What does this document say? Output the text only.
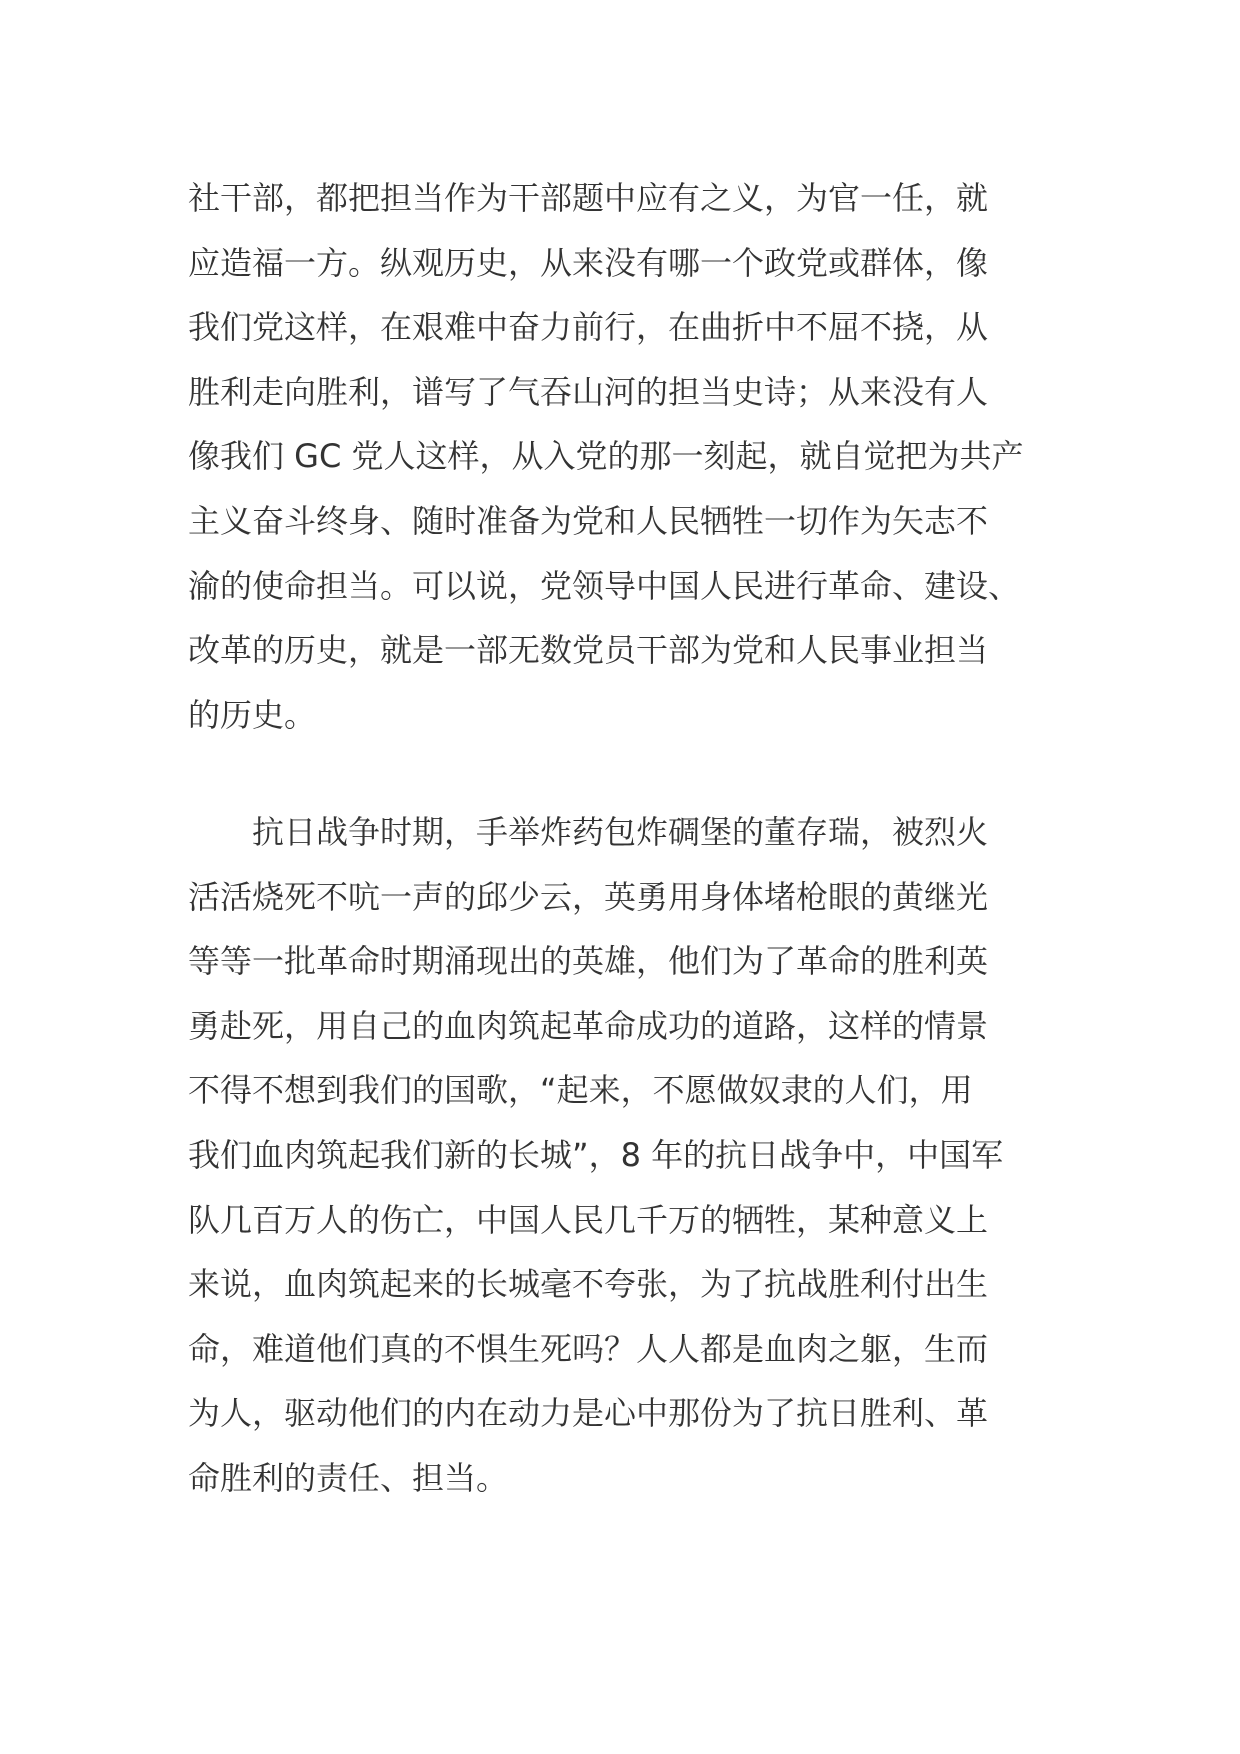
社干部，都把担当作为干部题中应有之义，为官一任，就
应造福一方。纵观历史，从来没有哪一个政党或群体，像
我们党这样，在艰难中奋力前行，在曲折中不屈不挠，从
胜利走向胜利，谱写了气吞山河的担当史诗；从来没有人
像我们 GC 党人这样，从入党的那一刻起，就自觉把为共产
主义奋斗终身、随时准备为党和人民牺牲一切作为矢志不
渝的使命担当。可以说，党领导中国人民进行革命、建设、
改革的历史，就是一部无数党员干部为党和人民事业担当
的历史。

　　抗日战争时期，手举炸药包炸碉堡的董存瑞，被烈火
活活烧死不吭一声的邱少云，英勇用身体堵枪眼的黄继光
等等一批革命时期涌现出的英雄，他们为了革命的胜利英
勇赴死，用自己的血肉筑起革命成功的道路，这样的情景
不得不想到我们的国歌，“起来，不愿做奴隶的人们，用
我们血肉筑起我们新的长城”，8 年的抗日战争中，中国军
队几百万人的伤亡，中国人民几千万的牺牲，某种意义上
来说，血肉筑起来的长城毫不夸张，为了抗战胜利付出生
命，难道他们真的不惧生死吗？人人都是血肉之躯，生而
为人，驱动他们的内在动力是心中那份为了抗日胜利、革
命胜利的责任、担当。
